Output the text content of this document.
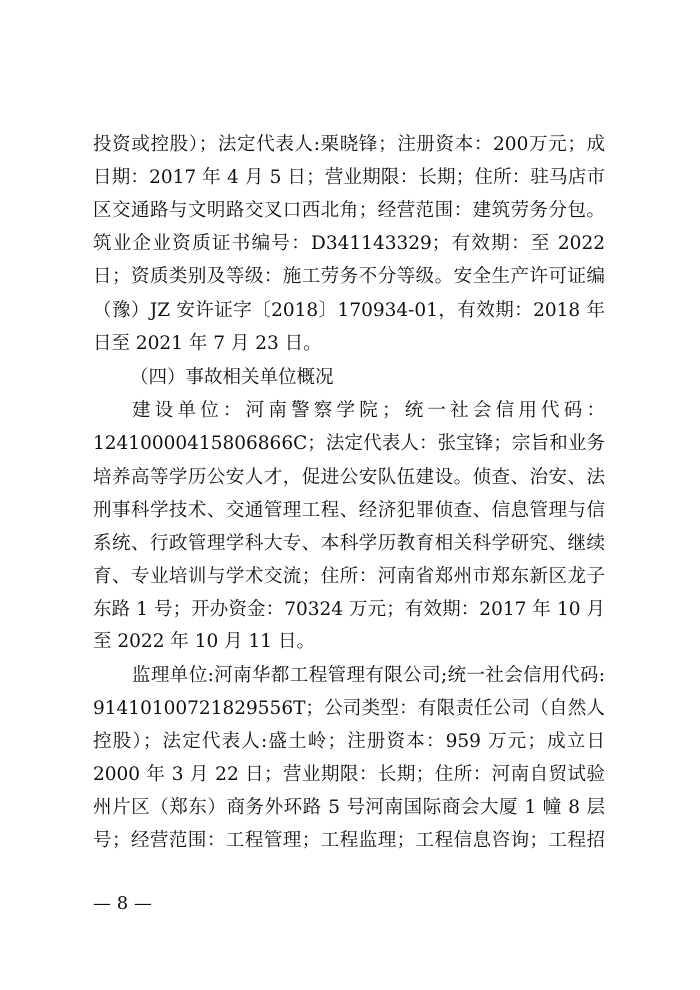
投资或控股）；法定代表人:栗晓锋；注册资本：200万元；成
日期：2017 年 4 月 5 日；营业期限：长期；住所：驻马店市
区交通路与文明路交叉口西北角；经营范围：建筑劳务分包。
筑业企业资质证书编号：D341143329；有效期：至 2022
日；资质类别及等级：施工劳务不分等级。安全生产许可证编
（豫）JZ 安许证字〔2018〕170934-01，有效期：2018 年
日至 2021 年 7 月 23 日。
（四）事故相关单位概况
建设单位：河南警察学院；统一社会信用代码：
12410000415806866C；法定代表人：张宝锋；宗旨和业务
培养高等学历公安人才，促进公安队伍建设。侦查、治安、法
刑事科学技术、交通管理工程、经济犯罪侦查、信息管理与信
系统、行政管理学科大专、本科学历教育相关科学研究、继续
育、专业培训与学术交流；住所：河南省郑州市郑东新区龙子
东路 1 号；开办资金：70324 万元；有效期：2017 年 10 月
至 2022 年 10 月 11 日。
监理单位:河南华都工程管理有限公司;统一社会信用代码:
91410100721829556T；公司类型：有限责任公司（自然人
控股）；法定代表人:盛土岭；注册资本：959 万元；成立日
2000 年 3 月 22 日；营业期限：长期；住所：河南自贸试验
州片区（郑东）商务外环路 5 号河南国际商会大厦 1 幢 8 层
号；经营范围：工程管理；工程监理；工程信息咨询；工程招
— 8 —
